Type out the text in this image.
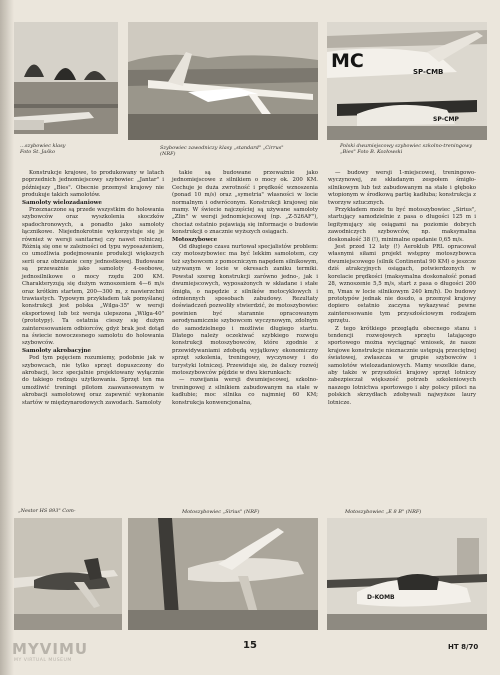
MC	SP-CMB
SP-CMP
…szybowiec klasy
Foto St. Jaśko
Szybowiec zawodniczy klasy „standard" „Cirrus"
(NRF)
Polski dwumiejscowy szybowiec szkolno-treningowy
„Bies" Foto B. Kozłowski

Konstrukcje krajowe, to produkowany w latach poprzednich jednomiejscowy szybowiec „Jantar" i późniejszy „Bies". Obecnie przemysł krajowy nie produkuje takich samolotów.

Samoloty wielozadaniowe

Przeznaczone są przede wszystkim do holowania szybowców oraz wyszkolenia skoczków spadochronowych, a ponadto jako samoloty łącznikowe. Niejednokrotnie wykorzystuje się je również w wersji sanitarnej czy nawet rolniczej. Różnią się one w zależności od typu wyposażeniem, co umożliwia podejmowanie produkcji większych serii oraz obniżanie ceny jednostkowej. Budowane są przeważnie jako samoloty 4-osobowe, jednosilnikowe o mocy rzędu 200 KM. Charakteryzują się dużym wznoszeniem 4—6 m/s oraz krótkim startem, 200—300 m, z nawierzchni trawiastych. Typowym przykładem tak pomyślanej konstrukcji jest polska „Wilga-35" w wersji eksportowej lub też wersja ulepszona „Wilga-40" (prototypy). Ta ostatnia cieszy się dużym zainteresowaniem odbiorców, gdyż brak jest dotąd na świecie nowoczesnego samolotu do holowania szybowców.

Samoloty akrobacyjne

Pod tym pojęciem rozumiemy, podobnie jak w szybowcach, nie tylko sprzęt dopuszczony do akrobacji, lecz specjalnie projektowany wyłącznie do takiego rodzaju użytkowania. Sprzęt ten ma umożliwić treningi pilotom zaawansowanym w akrobacji samolotowej oraz zapewnić wykonanie startów w międzynarodowych zawodach. Samoloty

takie są budowane przeważnie jako jednomiejscowe z silnikiem o mocy ok. 200 KM. Cechuje je duża zwrotność i prędkość wznoszenia (ponad 10 m/s) oraz „symetria" własności w locie normalnym i odwróconym. Konstrukcji krajowej nie mamy. W świecie najczęściej są używane samoloty „Zlin" w wersji jednomiejscowej (np. „Z-526AF"), chociaż ostatnio pojawiają się informacje o budowie konstrukcji o znacznie wyższych osiągach.

Motoszybowce

Od długiego czasu nurtował specjalistów problem: czy motoszybowiec ma być lekkim samolotem, czy też szybowcem z pomocniczym napędem silnikowym, używanym w locie w okresach zaniku termiki. Powstał szereg konstrukcji zarówno jedno-, jak i dwumiejscowych, wyposażonych w składane i stałe śmigła, o napędzie z silników motocyklowych i odmiennych sposobach zabudowy. Rezultaty doświadczeń pozwoliły stwierdzić, że motoszybowiec powinien być starannie opracowanym aerodynamicznie szybowcem wyczynowym, zdolnym do samodzielnego i możliwie długiego startu. Dlatego należy oczekiwać szybkiego rozwoju konstrukcji motoszybowców, które zgodnie z przewidywaniami zdobędą wyjątkowy ekonomiczny sprzęt szkolenia, treningowy, wyczynowy i do turystyki lotniczej. Przewiduje się, że dalszy rozwój motoszybowców pójdzie w dwu kierunkach:

— rozwijania wersji dwumiejscowej, szkolno-treningowej z silnikiem zabudowanym na stałe w kadłubie; moc silnika co najmniej 60 KM; konstrukcja konwencjonalna,

— budowy wersji 1-miejscowej, treningowo-wyczynowej, ze składanym zespołem śmigło-silnikowym lub też zabudowanym na stałe i głęboko wtopionym w środkową partię kadłuba; konstrukcja z tworzyw sztucznych.

Przykładem może tu być motoszybowiec „Sirius", startujący samodzielnie z pasa o długości 125 m i legitymujący się osiągami na poziomie dobrych zawodniczych szybowców, np. maksymalna doskonałość 38 (!), minimalne opadanie 0,65 m/s.

Jest przed 12 laty (!) Aeroklub PRL opracował własnymi siłami projekt wstępny motoszybowca dwumiejscowego (silnik Continental 90 KM) o jeszcze dziś atrakcyjnych osiągach, potwierdzonych w korelacie prędkości (maksymalna doskonałość ponad 28, wznoszenie 5,5 m/s, start z pasa o długości 200 m, Vmax w locie silnikowym 240 km/h). Do budowy prototypów jednak nie doszło, a przemysł krajowy dopiero ostatnio zaczyna wykazywać pewne zainteresowanie tym przyszłościowym rodzajem sprzętu.

Z tego krótkiego przeglądu obecnego stanu i tendencji rozwojowych sprzętu latającego sportowego można wyciągnąć wniosek, że nasze krajowe konstrukcje nieznacznie ustępują przeciętnej światowej, zwłaszcza w grupie szybowców i samolotów wielozadaniowych. Mamy wszelkie dane, aby także w przyszłości krajowy sprzęt lotniczy zabezpieczał większość potrzeb szkoleniowych naszego lotnictwa sportowego i aby polscy piloci na polskich skrzydłach zdobywali najwyższe laury lotnicze.

„Nestor HS 893" Com-	Motoszybowiec „Sirius" (NRF)	Motoszybowiec „E 8 B" (NRF)
D-KOMB
15	HT 8/70
MYVIMU
MY VIRTUAL MUSEUM
